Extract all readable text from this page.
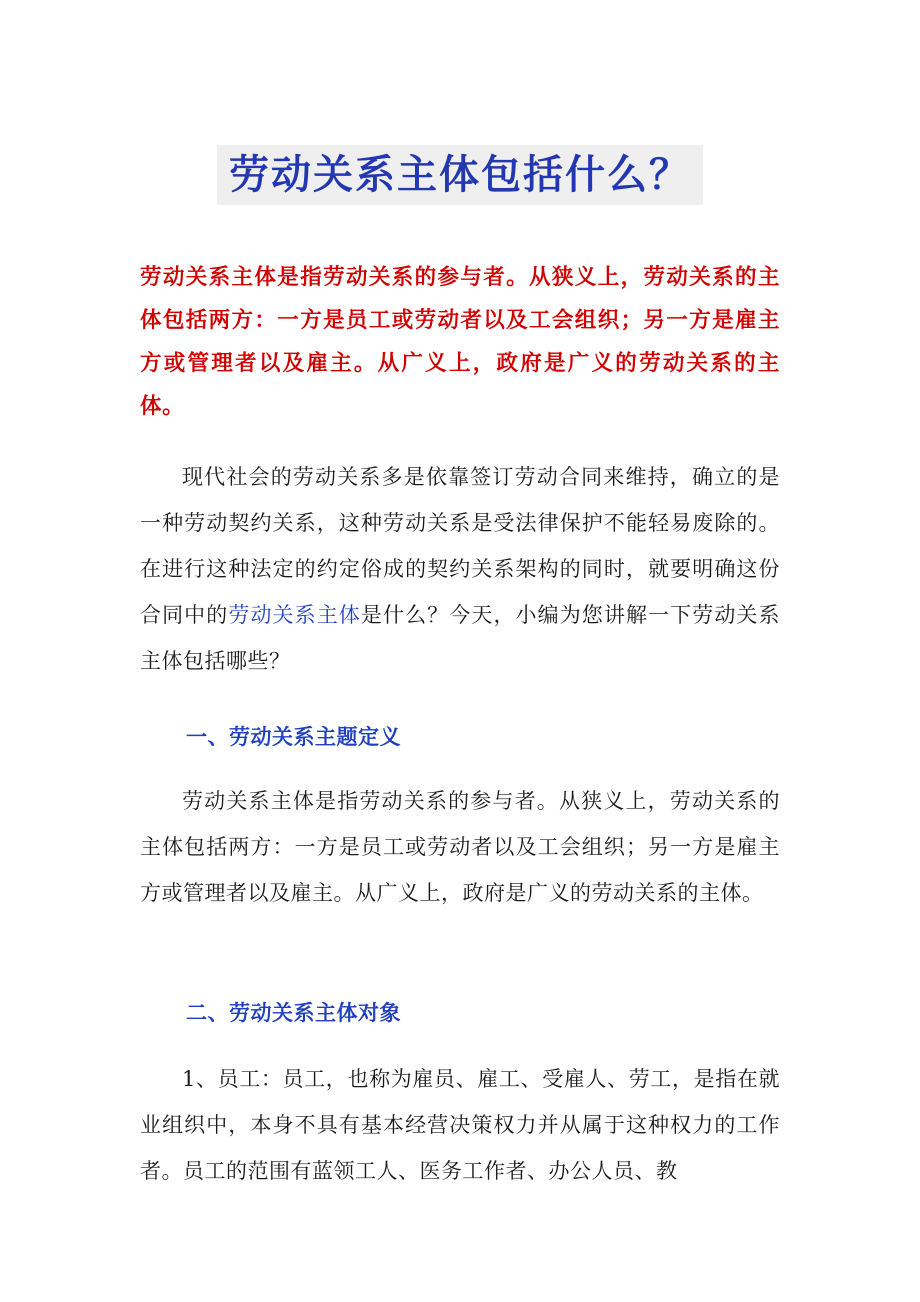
劳动关系主体包括什么？

劳动关系主体是指劳动关系的参与者。从狭义上，劳动关系的主体包括两方：一方是员工或劳动者以及工会组织；另一方是雇主方或管理者以及雇主。从广义上，政府是广义的劳动关系的主体。

现代社会的劳动关系多是依靠签订劳动合同来维持，确立的是一种劳动契约关系，这种劳动关系是受法律保护不能轻易废除的。在进行这种法定的约定俗成的契约关系架构的同时，就要明确这份合同中的劳动关系主体是什么？今天，小编为您讲解一下劳动关系主体包括哪些？

一、劳动关系主题定义

劳动关系主体是指劳动关系的参与者。从狭义上，劳动关系的主体包括两方：一方是员工或劳动者以及工会组织；另一方是雇主方或管理者以及雇主。从广义上，政府是广义的劳动关系的主体。

二、劳动关系主体对象

1、员工：员工，也称为雇员、雇工、受雇人、劳工，是指在就业组织中，本身不具有基本经营决策权力并从属于这种权力的工作者。员工的范围有蓝领工人、医务工作者、办公人员、教
